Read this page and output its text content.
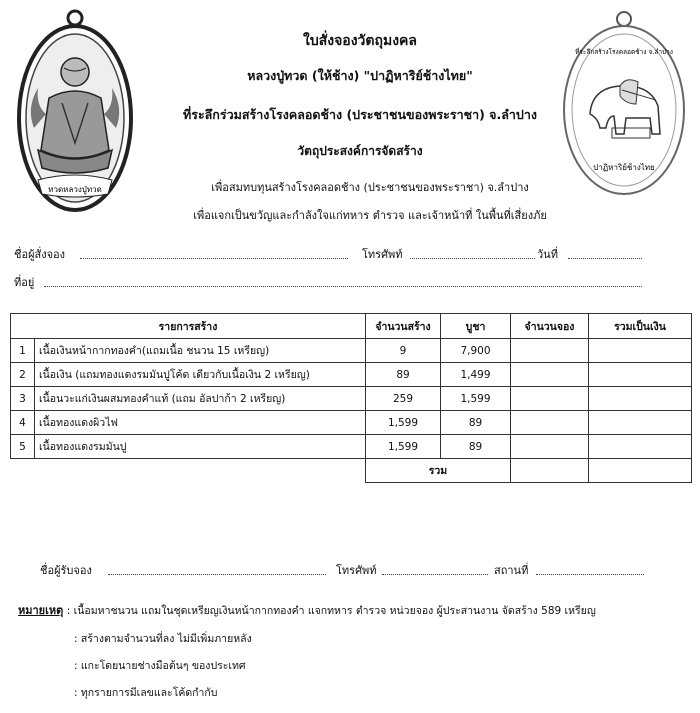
ทวดหลวงปู่ทวด
ที่ระลึกสร้างโรงคลอดช้าง จ.ลำปาง
ปาฏิหาริย์ช้างไทย
ใบสั่งจองวัตถุมงคล
หลวงปู่ทวด (ให้ช้าง) "ปาฏิหาริย์ช้างไทย"
ที่ระลึกร่วมสร้างโรงคลอดช้าง (ประชาชนของพระราชา) จ.ลำปาง
วัตถุประสงค์การจัดสร้าง
เพื่อสมทบทุนสร้างโรงคลอดช้าง (ประชาชนของพระราชา) จ.ลำปาง
เพื่อแจกเป็นขวัญและกำลังใจแก่ทหาร ตำรวจ และเจ้าหน้าที่ ในพื้นที่เสี่ยงภัย
ชื่อผู้สั่งจอง	โทรศัพท์	วันที่
ที่อยู่
รายการสร้าง		จำนวนสร้าง	บูชา	จำนวนจอง	รวมเป็นเงิน
1	เนื้อเงินหน้ากากทองคำ(แถมเนื้อ ชนวน 15 เหรียญ)	9	7,900		
2	เนื้อเงิน (แถมทองแดงรมมันปูโค้ด เดียวกับเนื้อเงิน 2 เหรียญ)	89	1,499		
3	เนื้อนวะแก่เงินผสมทองคำแท้ (แถม อัลปาก้า 2 เหรียญ)	259	1,599		
4	เนื้อทองแดงผิวไฟ	1,599	89		
5	เนื้อทองแดงรมมันปู	1,599	89		
		รวม			
ชื่อผู้รับจอง	โทรศัพท์	สถานที่
หมายเหตุ : เนื้อมหาชนวน แถมในชุดเหรียญเงินหน้ากากทองคำ แจกทหาร ตำรวจ หน่วยจอง ผู้ประสานงาน จัดสร้าง 589 เหรียญ
: สร้างตามจำนวนที่ลง ไม่มีเพิ่มภายหลัง
: แกะโดยนายช่างมือต้นๆ ของประเทศ
: ทุกรายการมีเลขและโค้ดกำกับ
